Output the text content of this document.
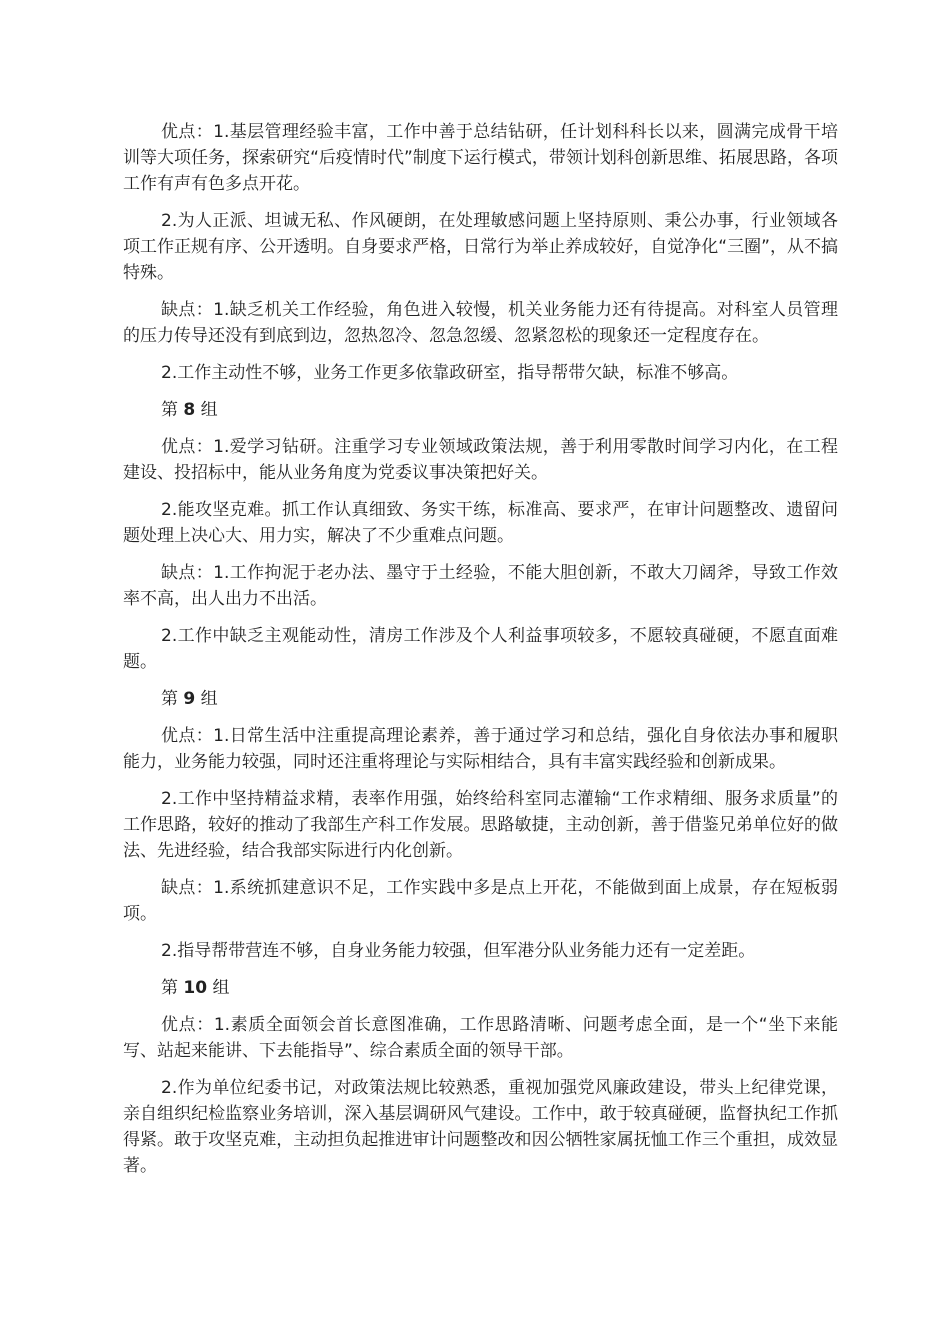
优点：1.基层管理经验丰富，工作中善于总结钻研，任计划科科长以来，圆满完成骨干培训等大项任务，探索研究“后疫情时代”制度下运行模式，带领计划科创新思维、拓展思路，各项工作有声有色多点开花。

2.为人正派、坦诚无私、作风硬朗，在处理敏感问题上坚持原则、秉公办事，行业领域各项工作正规有序、公开透明。自身要求严格，日常行为举止养成较好，自觉净化“三圈”，从不搞特殊。

缺点：1.缺乏机关工作经验，角色进入较慢，机关业务能力还有待提高。对科室人员管理的压力传导还没有到底到边，忽热忽冷、忽急忽缓、忽紧忽松的现象还一定程度存在。

2.工作主动性不够，业务工作更多依靠政研室，指导帮带欠缺，标准不够高。

第 8 组

优点：1.爱学习钻研。注重学习专业领域政策法规，善于利用零散时间学习内化，在工程建设、投招标中，能从业务角度为党委议事决策把好关。

2.能攻坚克难。抓工作认真细致、务实干练，标准高、要求严，在审计问题整改、遗留问题处理上决心大、用力实，解决了不少重难点问题。

缺点：1.工作拘泥于老办法、墨守于土经验，不能大胆创新，不敢大刀阔斧，导致工作效率不高，出人出力不出活。

2.工作中缺乏主观能动性，清房工作涉及个人利益事项较多，不愿较真碰硬，不愿直面难题。

第 9 组

优点：1.日常生活中注重提高理论素养，善于通过学习和总结，强化自身依法办事和履职能力，业务能力较强，同时还注重将理论与实际相结合，具有丰富实践经验和创新成果。

2.工作中坚持精益求精，表率作用强，始终给科室同志灌输“工作求精细、服务求质量”的工作思路，较好的推动了我部生产科工作发展。思路敏捷，主动创新，善于借鉴兄弟单位好的做法、先进经验，结合我部实际进行内化创新。

缺点：1.系统抓建意识不足，工作实践中多是点上开花，不能做到面上成景，存在短板弱项。

2.指导帮带营连不够，自身业务能力较强，但军港分队业务能力还有一定差距。

第 10 组

优点：1.素质全面领会首长意图准确，工作思路清晰、问题考虑全面，是一个“坐下来能写、站起来能讲、下去能指导”、综合素质全面的领导干部。

2.作为单位纪委书记，对政策法规比较熟悉，重视加强党风廉政建设，带头上纪律党课，亲自组织纪检监察业务培训，深入基层调研风气建设。工作中，敢于较真碰硬，监督执纪工作抓得紧。敢于攻坚克难，主动担负起推进审计问题整改和因公牺牲家属抚恤工作三个重担，成效显著。
